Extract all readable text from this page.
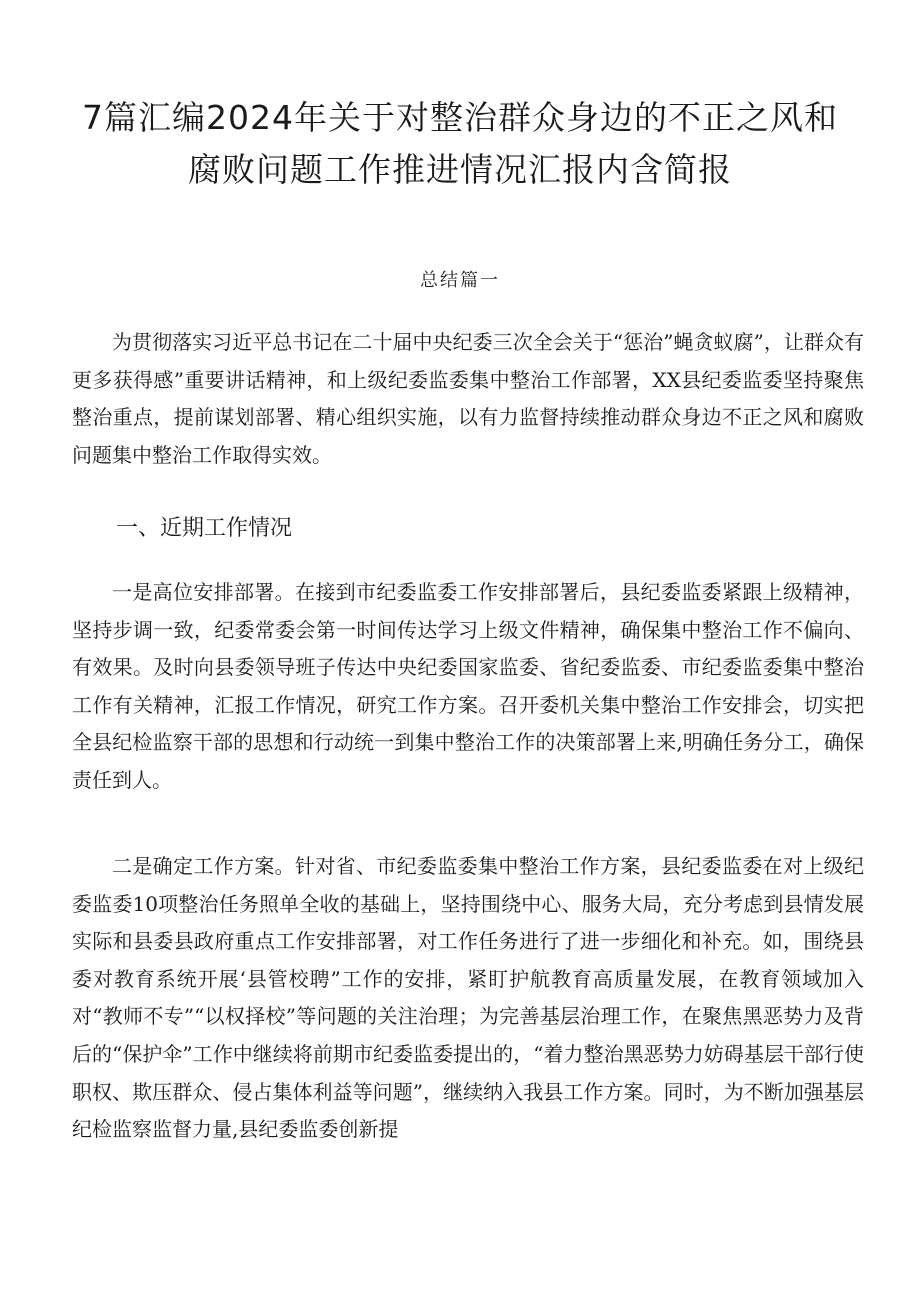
7篇汇编2024年关于对整治群众身边的不正之风和腐败问题工作推进情况汇报内含简报
总结篇一

为贯彻落实习近平总书记在二十届中央纪委三次全会关于“惩治”蝇贪蚁腐”，让群众有更多获得感”重要讲话精神，和上级纪委监委集中整治工作部署，XX县纪委监委坚持聚焦整治重点，提前谋划部署、精心组织实施，以有力监督持续推动群众身边不正之风和腐败问题集中整治工作取得实效。

一、近期工作情况

一是高位安排部署。在接到市纪委监委工作安排部署后，县纪委监委紧跟上级精神，坚持步调一致，纪委常委会第一时间传达学习上级文件精神，确保集中整治工作不偏向、有效果。及时向县委领导班子传达中央纪委国家监委、省纪委监委、市纪委监委集中整治工作有关精神，汇报工作情况，研究工作方案。召开委机关集中整治工作安排会，切实把全县纪检监察干部的思想和行动统一到集中整治工作的决策部署上来,明确任务分工，确保责任到人。

二是确定工作方案。针对省、市纪委监委集中整治工作方案，县纪委监委在对上级纪委监委10项整治任务照单全收的基础上，坚持围绕中心、服务大局，充分考虑到县情发展实际和县委县政府重点工作安排部署，对工作任务进行了进一步细化和补充。如，围绕县委对教育系统开展‘县管校聘”工作的安排，紧盯护航教育高质量发展，在教育领域加入对“教师不专”“以权择校”等问题的关注治理；为完善基层治理工作，在聚焦黑恶势力及背后的“保护伞”工作中继续将前期市纪委监委提出的，“着力整治黑恶势力妨碍基层干部行使职权、欺压群众、侵占集体利益等问题”，继续纳入我县工作方案。同时，为不断加强基层纪检监察监督力量,县纪委监委创新提
